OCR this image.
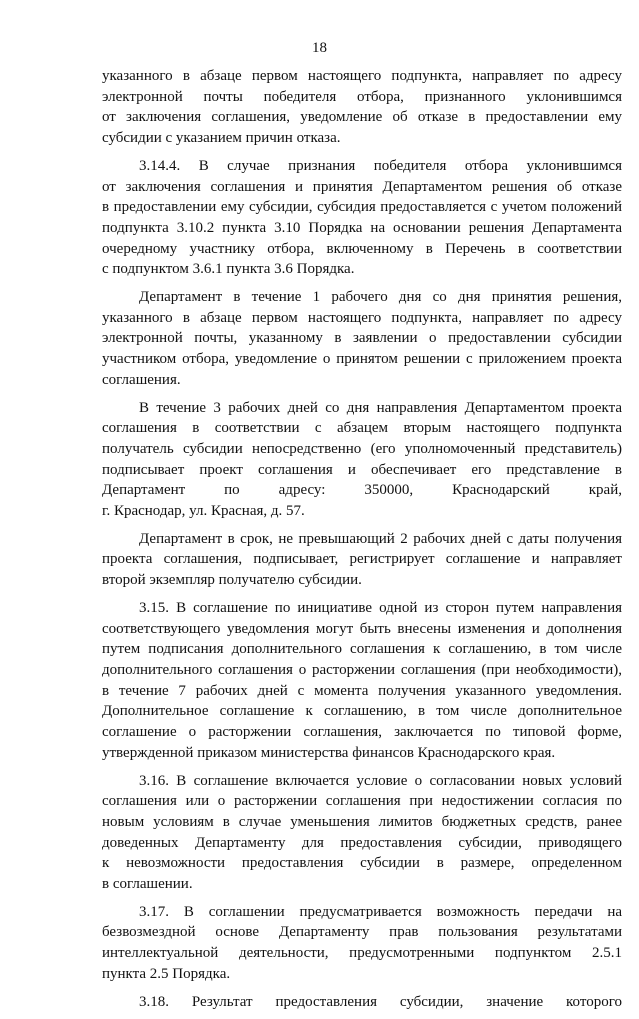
18
указанного в абзаце первом настоящего подпункта, направляет по адресу
электронной почты победителя отбора, признанного уклонившимся
от заключения соглашения, уведомление об отказе в предоставлении ему
субсидии с указанием причин отказа.
3.14.4. В случае признания победителя отбора уклонившимся
от заключения соглашения и принятия Департаментом решения об отказе
в предоставлении ему субсидии, субсидия предоставляется с учетом положений
подпункта 3.10.2 пункта 3.10 Порядка на основании решения Департамента
очередному участнику отбора, включенному в Перечень в соответствии
с подпунктом 3.6.1 пункта 3.6 Порядка.
Департамент в течение 1 рабочего дня со дня принятия решения,
указанного в абзаце первом настоящего подпункта, направляет по адресу
электронной почты, указанному в заявлении о предоставлении субсидии
участником отбора, уведомление о принятом решении с приложением проекта
соглашения.
В течение 3 рабочих дней со дня направления Департаментом проекта
соглашения в соответствии с абзацем вторым настоящего подпункта
получатель субсидии непосредственно (его уполномоченный представитель)
подписывает проект соглашения и обеспечивает его представление в
Департамент по адресу: 350000, Краснодарский край,
г. Краснодар, ул. Красная, д. 57.
Департамент в срок, не превышающий 2 рабочих дней с даты получения
проекта соглашения, подписывает, регистрирует соглашение и направляет
второй экземпляр получателю субсидии.
3.15. В соглашение по инициативе одной из сторон путем направления
соответствующего уведомления могут быть внесены изменения и дополнения
путем подписания дополнительного соглашения к соглашению, в том числе
дополнительного соглашения о расторжении соглашения (при необходимости),
в течение 7 рабочих дней с момента получения указанного уведомления.
Дополнительное соглашение к соглашению, в том числе дополнительное
соглашение о расторжении соглашения, заключается по типовой форме,
утвержденной приказом министерства финансов Краснодарского края.
3.16. В соглашение включается условие о согласовании новых условий
соглашения или о расторжении соглашения при недостижении согласия по
новым условиям в случае уменьшения лимитов бюджетных средств, ранее
доведенных Департаменту для предоставления субсидии, приводящего
к невозможности предоставления субсидии в размере, определенном
в соглашении.
3.17. В соглашении предусматривается возможность передачи на
безвозмездной основе Департаменту прав пользования результатами
интеллектуальной деятельности, предусмотренными подпунктом 2.5.1
пункта 2.5 Порядка.
3.18. Результат предоставления субсидии, значение которого
